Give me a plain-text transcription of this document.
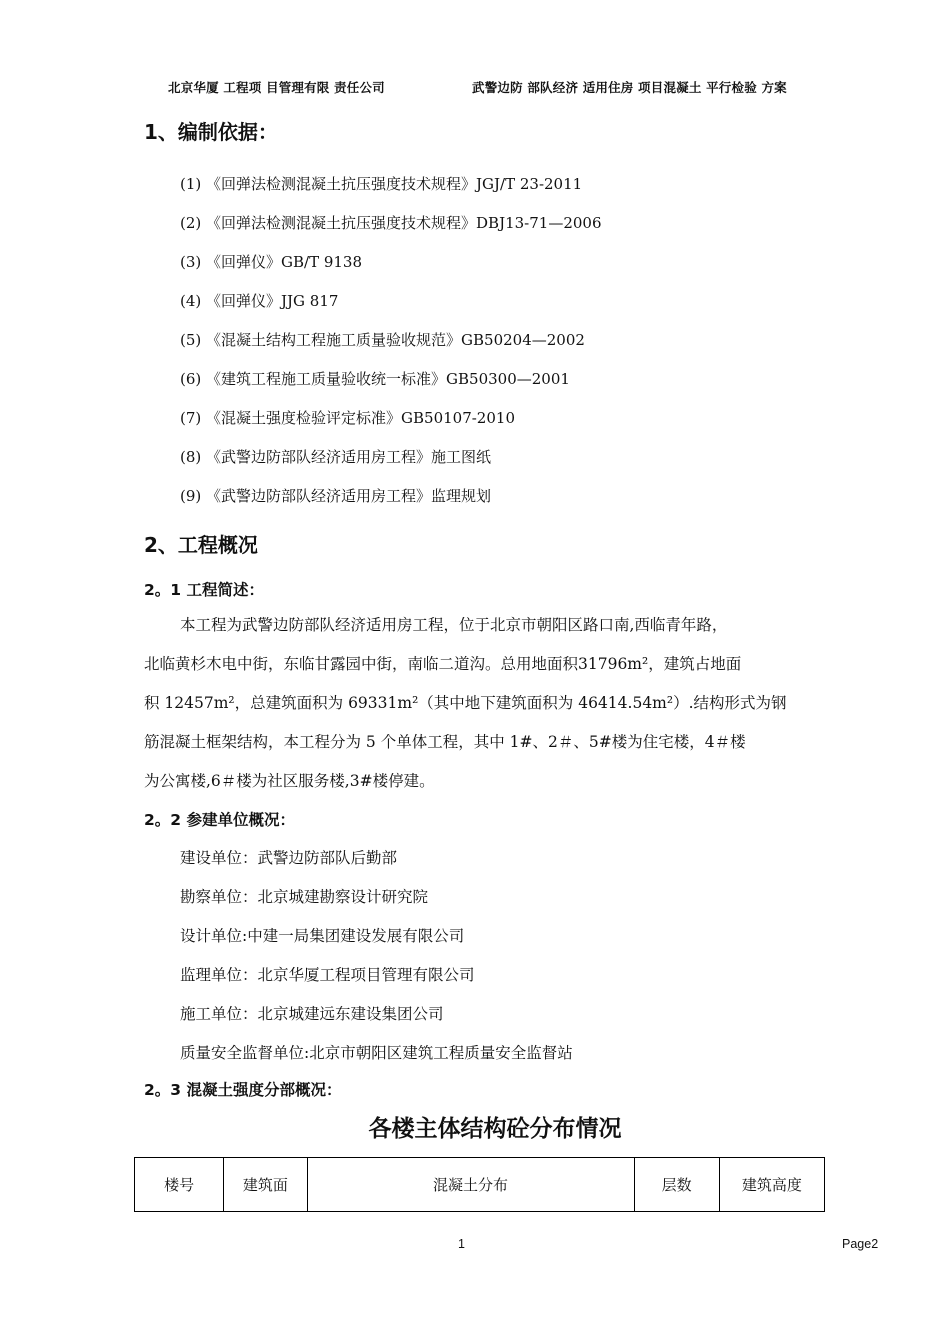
北京华厦 工程项 目管理有限 责任公司	武警边防 部队经济 适用住房 项目混凝土 平行检验 方案
1、编制依据：
(1) 《回弹法检测混凝土抗压强度技术规程》JGJ/T 23-2011
(2) 《回弹法检测混凝土抗压强度技术规程》DBJ13-71—2006
(3) 《回弹仪》GB/T 9138
(4) 《回弹仪》JJG 817
(5) 《混凝土结构工程施工质量验收规范》GB50204—2002
(6) 《建筑工程施工质量验收统一标准》GB50300—2001
(7) 《混凝土强度检验评定标准》GB50107-2010
(8) 《武警边防部队经济适用房工程》施工图纸
(9) 《武警边防部队经济适用房工程》监理规划
2、工程概况
2。1 工程简述：

本工程为武警边防部队经济适用房工程，位于北京市朝阳区路口南,西临青年路，

北临黄杉木电中街，东临甘露园中街，南临二道沟。总用地面积31796m²，建筑占地面

积 12457m²，总建筑面积为 69331m²（其中地下建筑面积为 46414.54m²）.结构形式为钢

筋混凝土框架结构，本工程分为 5 个单体工程，其中 1#、2＃、5#楼为住宅楼，4＃楼

为公寓楼,6＃楼为社区服务楼,3#楼停建。

2。2 参建单位概况：
建设单位：武警边防部队后勤部
勘察单位：北京城建勘察设计研究院
设计单位:中建一局集团建设发展有限公司
监理单位：北京华厦工程项目管理有限公司
施工单位：北京城建远东建设集团公司
质量安全监督单位:北京市朝阳区建筑工程质量安全监督站
2。3 混凝土强度分部概况：
各楼主体结构砼分布情况
楼号	建筑面	混凝土分布	层数	建筑高度
1	Page2
